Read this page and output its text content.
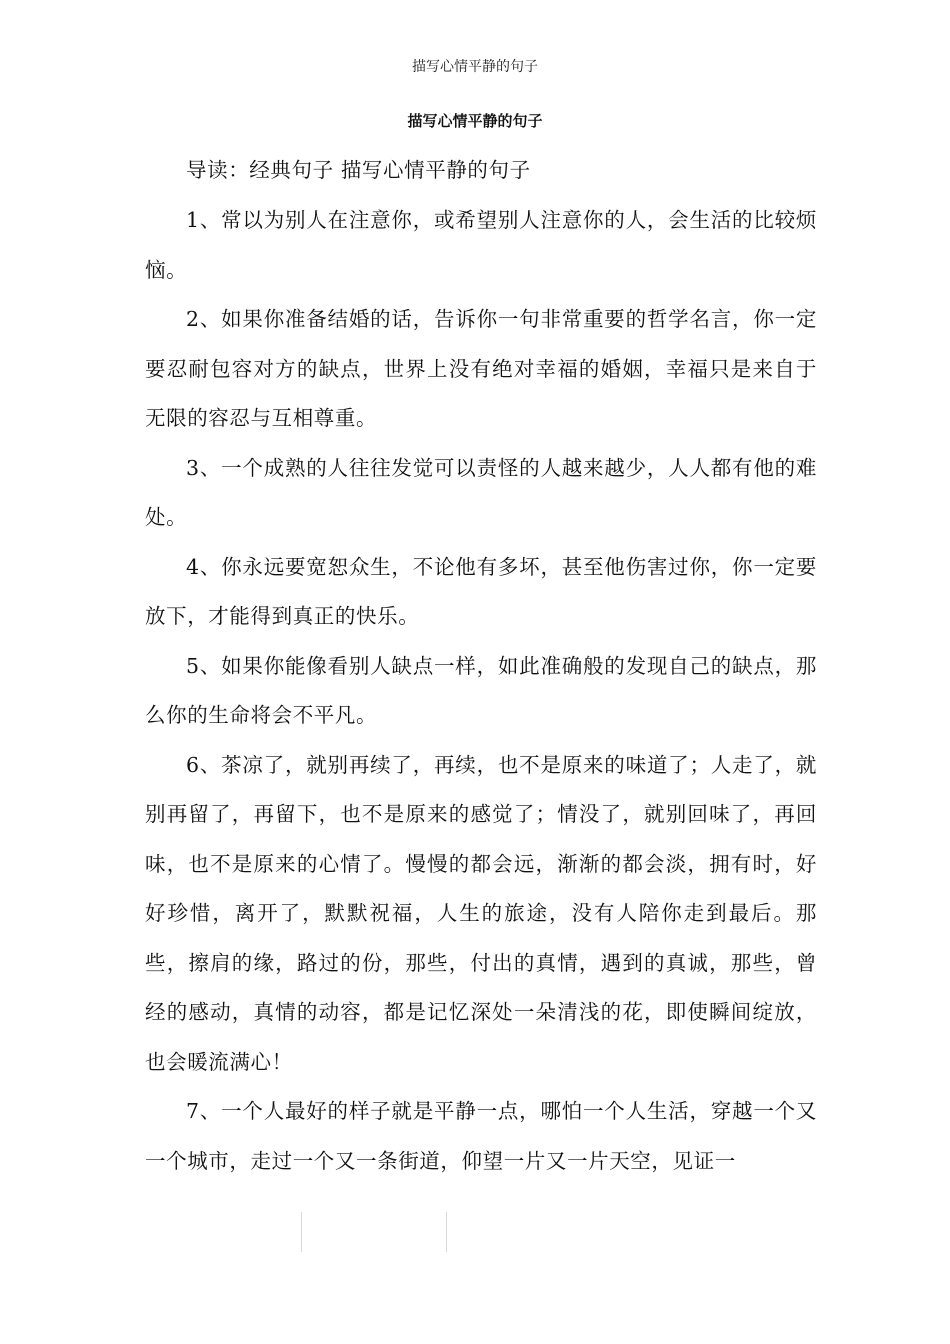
描写心情平静的句子
描写心情平静的句子

导读：经典句子 描写心情平静的句子

1、常以为别人在注意你，或希望别人注意你的人，会生活的比较烦恼。

2、如果你准备结婚的话，告诉你一句非常重要的哲学名言，你一定要忍耐包容对方的缺点，世界上没有绝对幸福的婚姻，幸福只是来自于无限的容忍与互相尊重。

3、一个成熟的人往往发觉可以责怪的人越来越少，人人都有他的难处。

4、你永远要宽恕众生，不论他有多坏，甚至他伤害过你，你一定要放下，才能得到真正的快乐。

5、如果你能像看别人缺点一样，如此准确般的发现自己的缺点，那么你的生命将会不平凡。

6、茶凉了，就别再续了，再续，也不是原来的味道了；人走了，就别再留了，再留下，也不是原来的感觉了；情没了，就别回味了，再回味，也不是原来的心情了。慢慢的都会远，渐渐的都会淡，拥有时，好好珍惜，离开了，默默祝福，人生的旅途，没有人陪你走到最后。那些，擦肩的缘，路过的份，那些，付出的真情，遇到的真诚，那些，曾经的感动，真情的动容，都是记忆深处一朵清浅的花，即使瞬间绽放，也会暖流满心！

7、一个人最好的样子就是平静一点，哪怕一个人生活，穿越一个又一个城市，走过一个又一条街道，仰望一片又一片天空，见证一
